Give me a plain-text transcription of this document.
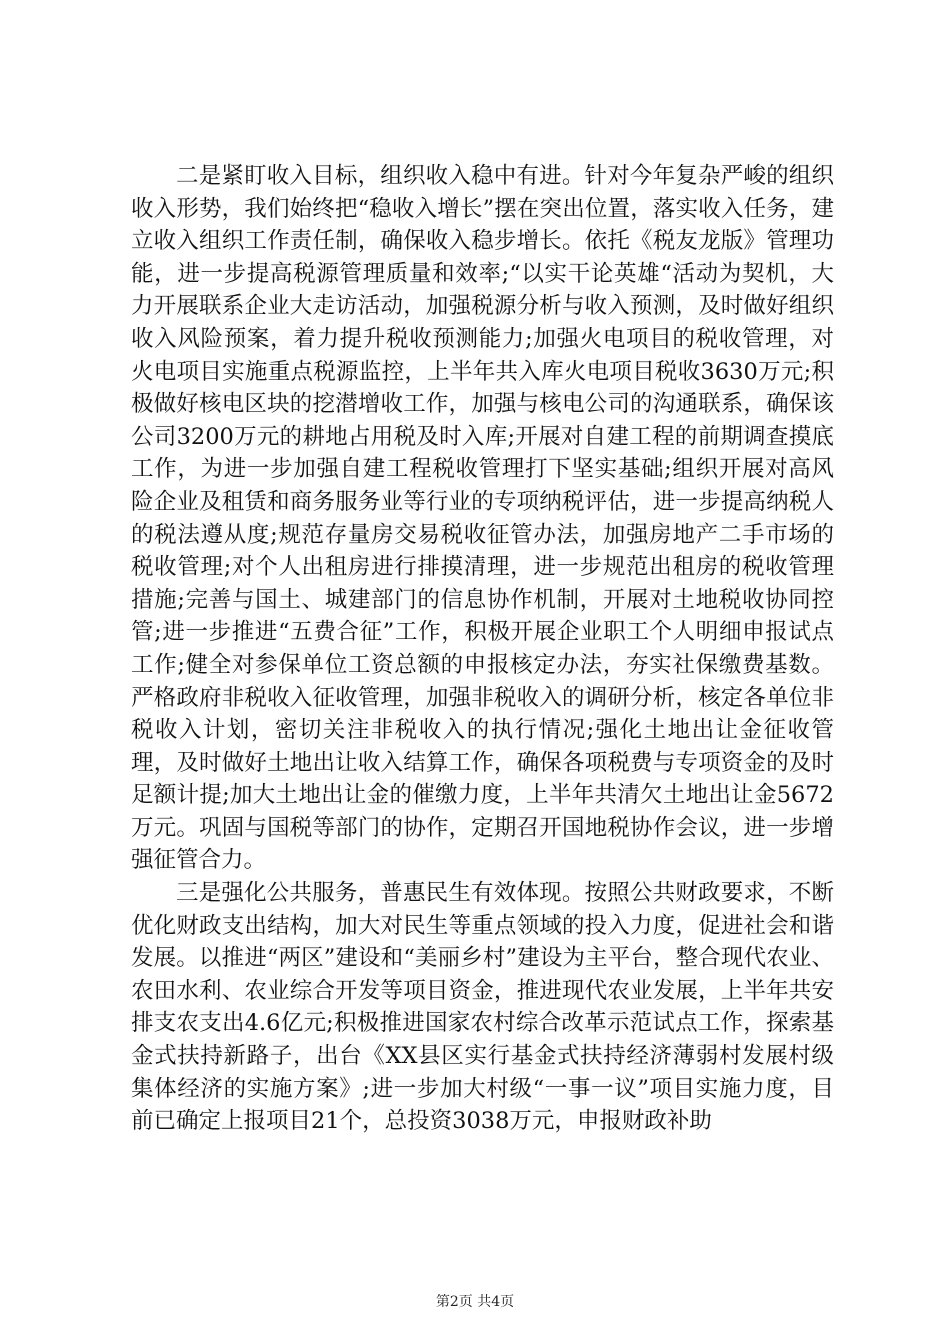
二是紧盯收入目标，组织收入稳中有进。针对今年复杂严峻的组织收入形势，我们始终把“稳收入增长”摆在突出位置，落实收入任务，建立收入组织工作责任制，确保收入稳步增长。依托《税友龙版》管理功能，进一步提高税源管理质量和效率;“以实干论英雄“活动为契机，大力开展联系企业大走访活动，加强税源分析与收入预测，及时做好组织收入风险预案，着力提升税收预测能力;加强火电项目的税收管理，对火电项目实施重点税源监控，上半年共入库火电项目税收3630万元;积极做好核电区块的挖潜增收工作，加强与核电公司的沟通联系，确保该公司3200万元的耕地占用税及时入库;开展对自建工程的前期调查摸底工作，为进一步加强自建工程税收管理打下坚实基础;组织开展对高风险企业及租赁和商务服务业等行业的专项纳税评估，进一步提高纳税人的税法遵从度;规范存量房交易税收征管办法，加强房地产二手市场的税收管理;对个人出租房进行排摸清理，进一步规范出租房的税收管理措施;完善与国土、城建部门的信息协作机制，开展对土地税收协同控管;进一步推进“五费合征”工作，积极开展企业职工个人明细申报试点工作;健全对参保单位工资总额的申报核定办法，夯实社保缴费基数。严格政府非税收入征收管理，加强非税收入的调研分析，核定各单位非税收入计划，密切关注非税收入的执行情况;强化土地出让金征收管理，及时做好土地出让收入结算工作，确保各项税费与专项资金的及时足额计提;加大土地出让金的催缴力度，上半年共清欠土地出让金5672万元。巩固与国税等部门的协作，定期召开国地税协作会议，进一步增强征管合力。

三是强化公共服务，普惠民生有效体现。按照公共财政要求，不断优化财政支出结构，加大对民生等重点领域的投入力度，促进社会和谐发展。以推进“两区”建设和“美丽乡村”建设为主平台，整合现代农业、农田水利、农业综合开发等项目资金，推进现代农业发展，上半年共安排支农支出4.6亿元;积极推进国家农村综合改革示范试点工作，探索基金式扶持新路子，出台《XX县区实行基金式扶持经济薄弱村发展村级集体经济的实施方案》;进一步加大村级“一事一议”项目实施力度，目前已确定上报项目21个，总投资3038万元，申报财政补助

第2页 共4页
